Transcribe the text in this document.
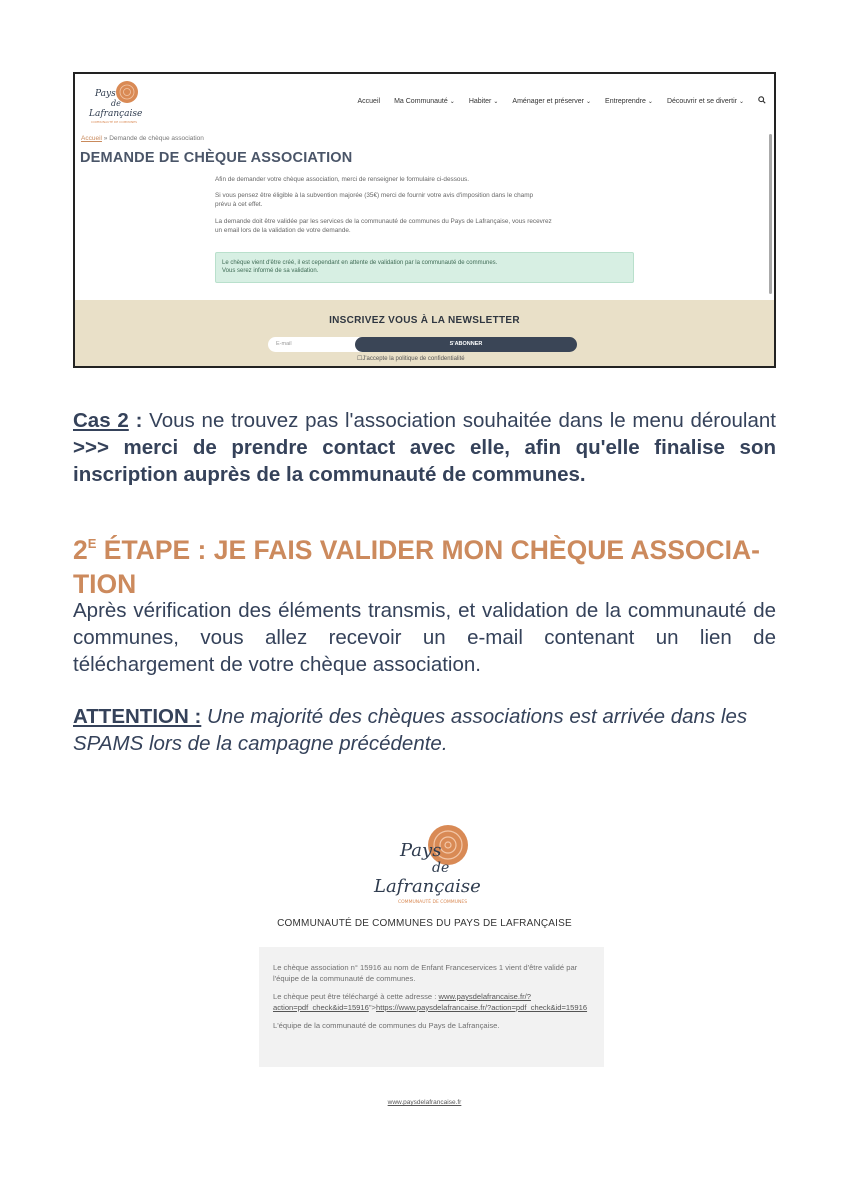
Pays
de
Lafrançaise
COMMUNAUTÉ DE COMMUNES
Accueil Ma Communauté ⌄ Habiter ⌄ Aménager et préserver ⌄ Entreprendre ⌄ Découvrir et se divertir ⌄
Accueil » Demande de chèque association
DEMANDE DE CHÈQUE ASSOCIATION
Afin de demander votre chèque association, merci de renseigner le formulaire ci-dessous.
Si vous pensez être éligible à la subvention majorée (35€) merci de fournir votre avis d'imposition dans le champ
prévu à cet effet.
La demande doit être validée par les services de la communauté de communes du Pays de Lafrançaise, vous recevrez
un email lors de la validation de votre demande.
Le chèque vient d'être créé, il est cependant en attente de validation par la communauté de communes.
Vous serez informé de sa validation.
INSCRIVEZ VOUS À LA NEWSLETTER
E-mail	S'ABONNER
☐J'accepte la politique de confidentialité
Cas 2 : Vous ne trouvez pas l'association souhaitée dans le menu déroulant >>> merci de prendre contact avec elle, afin qu'elle finalise son inscription auprès de la communauté de communes.
$2^E$ ÉTAPE : JE FAIS VALIDER MON CHÈQUE ASSOCIA-
TION
Après vérification des éléments transmis, et validation de la communauté de communes, vous allez recevoir un e-mail contenant un lien de téléchargement de votre chèque association.
ATTENTION : Une majorité des chèques associations est arrivée dans les SPAMS lors de la campagne précédente.
Pays
de
Lafrançaise
COMMUNAUTÉ DE COMMUNES
COMMUNAUTÉ DE COMMUNES DU PAYS DE LAFRANÇAISE

Le chèque association n° 15916 au nom de Enfant Franceservices 1 vient d'être validé par l'équipe de la communauté de communes.

Le chèque peut être téléchargé à cette adresse : www.paysdelafrancaise.fr/?action=pdf_check&id=15916">https://www.paysdelafrancaise.fr/?action=pdf_check&id=15916

L'équipe de la communauté de communes du Pays de Lafrançaise.

www.paysdelafrancaise.fr
